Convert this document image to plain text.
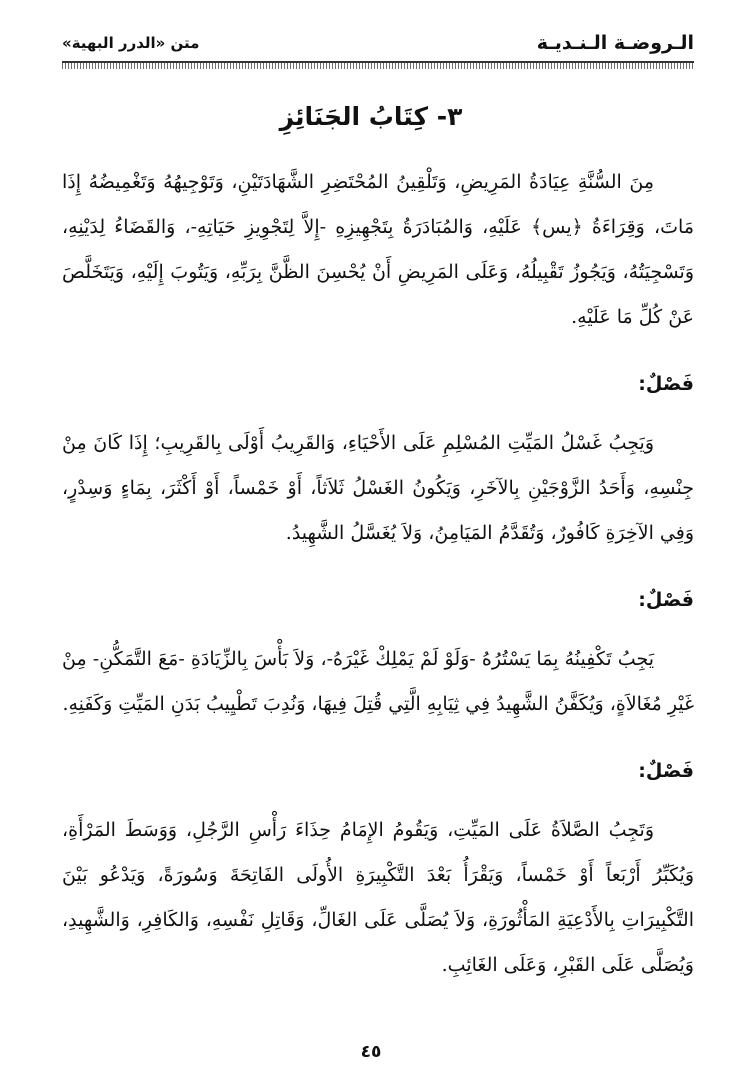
الـروضـة الـنـديـة
متن «الدرر البهية»
٣- كِتَابُ الجَنَائِزِ

مِنَ السُّنَّةِ عِيَادَةُ المَرِيضِ، وَتَلْقِينُ المُحْتَضِرِ الشَّهَادَتَيْنِ، وَتَوْجِيهُهُ وَتَغْمِيضُهُ إِذَا مَاتَ، وَقِرَاءَةُ ﴿يس﴾ عَلَيْهِ، وَالمُبَادَرَةُ بِتَجْهِيزِهِ -إِلاَّ لِتَجْوِيزِ حَيَاتِهِ-، وَالقَضَاءُ لِدَيْنِهِ، وَتَسْجِيَتُهُ، وَيَجُوزُ تَقْبِيلُهُ، وَعَلَى المَرِيضِ أَنْ يُحْسِنَ الظَّنَّ بِرَبِّهِ، وَيَتُوبَ إِلَيْهِ، وَيَتَخَلَّصَ عَنْ كُلِّ مَا عَلَيْهِ.

فَصْلٌ:

وَيَجِبُ غَسْلُ المَيِّتِ المُسْلِمِ عَلَى الأَحْيَاءِ، وَالقَرِيبُ أَوْلَى بِالقَرِيبِ؛ إِذَا كَانَ مِنْ جِنْسِهِ، وَأَحَدُ الزَّوْجَيْنِ بِالآخَرِ، وَيَكُونُ الغَسْلُ ثَلاَثاً، أَوْ خَمْساً، أَوْ أَكْثَرَ، بِمَاءٍ وَسِدْرٍ، وَفِي الآخِرَةِ كَافُورٌ، وَتُقَدَّمُ المَيَامِنُ، وَلاَ يُغَسَّلُ الشَّهِيدُ.

فَصْلٌ:

يَجِبُ تَكْفِينُهُ بِمَا يَسْتُرُهُ -وَلَوْ لَمْ يَمْلِكْ غَيْرَهُ-، وَلاَ بَأْسَ بِالزِّيَادَةِ -مَعَ التَّمَكُّنِ- مِنْ غَيْرِ مُغَالاَةٍ، وَيُكَفَّنُ الشَّهِيدُ فِي ثِيَابِهِ الَّتِي قُتِلَ فِيهَا، وَنُدِبَ تَطْيِيبُ بَدَنِ المَيِّتِ وَكَفَنِهِ.

فَصْلٌ:

وَتَجِبُ الصَّلاَةُ عَلَى المَيِّتِ، وَيَقُومُ الإِمَامُ حِذَاءَ رَأْسِ الرَّجُلِ، وَوَسَطَ المَرْأَةِ، وَيُكَبِّرُ أَرْبَعاً أَوْ خَمْساً، وَيَقْرَأُ بَعْدَ التَّكْبِيرَةِ الأُولَى الفَاتِحَةَ وَسُورَةً، وَيَدْعُو بَيْنَ التَّكْبِيرَاتِ بِالأَدْعِيَةِ المَأْثُورَةِ، وَلاَ يُصَلَّى عَلَى الغَالِّ، وَقَاتِلِ نَفْسِهِ، وَالكَافِرِ، وَالشَّهِيدِ، وَيُصَلَّى عَلَى القَبْرِ، وَعَلَى الغَائِبِ.

٤٥
